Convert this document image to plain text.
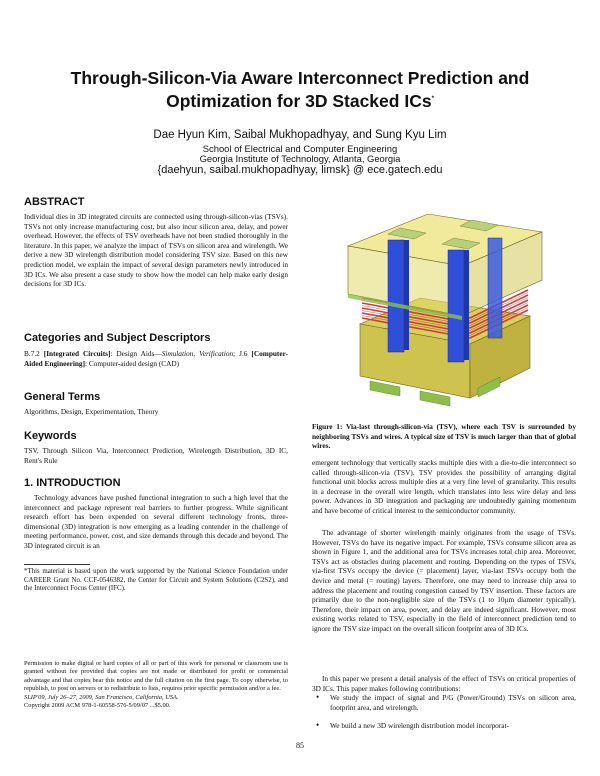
Through-Silicon-Via Aware Interconnect Prediction and
Optimization for 3D Stacked ICs*
Dae Hyun Kim, Saibal Mukhopadhyay, and Sung Kyu Lim
School of Electrical and Computer Engineering
Georgia Institute of Technology, Atlanta, Georgia
{daehyun, saibal.mukhopadhyay, limsk} @ ece.gatech.edu
ABSTRACT
Individual dies in 3D integrated circuits are connected using through-silicon-vias (TSVs). TSVs not only increase manufacturing cost, but also incur silicon area, delay, and power overhead. However, the effects of TSV overheads have not been studied thoroughly in the literature. In this paper, we analyze the impact of TSVs on silicon area and wirelength. We derive a new 3D wirelength distribution model considering TSV size. Based on this new prediction model, we explain the impact of several design parameters newly introduced in 3D ICs. We also present a case study to show how the model can help make early design decisions for 3D ICs.
Categories and Subject Descriptors
B.7.2 [Integrated Circuits]: Design Aids—Simulation, Verification; J.6 [Computer-Aided Engineering]: Computer-aided design (CAD)
General Terms
Algorithms, Design, Experimentation, Theory
Keywords
TSV, Through Silicon Via, Interconnect Prediction, Wirelength Distribution, 3D IC, Rent's Rule
1. INTRODUCTION
Technology advances have pushed functional integration to such a high level that the interconnect and package represent real barriers to further progress. While significant research effort has been expended on several different technology fronts, three-dimensional (3D) integration is now emerging as a leading contender in the challenge of meeting performance, power, cost, and size demands through this decade and beyond. The 3D integrated circuit is an
*This material is based upon the work supported by the National Science Foundation under CAREER Grant No. CCF-0546382, the Center for Circuit and System Solutions (C2S2), and the Interconnect Focus Center (IFC).
Permission to make digital or hard copies of all or part of this work for personal or classroom use is granted without fee provided that copies are not made or distributed for profit or commercial advantage and that copies bear this notice and the full citation on the first page. To copy otherwise, to republish, to post on servers or to redistribute to lists, requires prior specific permission and/or a fee.
SLIP'09, July 26–27, 2009, San Francisco, California, USA.
Copyright 2009 ACM 978-1-60558-576-5/09/07 ...$5.00.
Figure 1: Via-last through-silicon-via (TSV), where each TSV is surrounded by neighboring TSVs and wires. A typical size of TSV is much larger than that of global wires.
emergent technology that vertically stacks multiple dies with a die-to-die interconnect so called through-silicon-via (TSV). TSV provides the possibility of arranging digital functional unit blocks across multiple dies at a very fine level of granularity. This results in a decrease in the overall wire length, which translates into less wire delay and less power. Advances in 3D integration and packaging are undoubtedly gaining momentum and have become of critical interest to the semiconductor community.
The advantage of shorter wirelength mainly originates from the usage of TSVs. However, TSVs do have its negative impact. For example, TSVs consume silicon area as shown in Figure 1, and the additional area for TSVs increases total chip area. Moreover, TSVs act as obstacles during placement and routing. Depending on the types of TSVs, via-first TSVs occupy the device (= placement) layer, via-last TSVs occupy both the device and metal (= routing) layers. Therefore, one may need to increase chip area to address the placement and routing congestion caused by TSV insertion. These factors are primarily due to the non-negligible size of the TSVs (1 to 10μm diameter typically). Therefore, their impact on area, power, and delay are indeed significant. However, most existing works related to TSV, especially in the field of interconnect prediction tend to ignore the TSV size impact on the overall silicon footprint area of 3D ICs.
In this paper we present a detail analysis of the effect of TSVs on critical properties of 3D ICs. This paper makes following contributions:
• We study the impact of signal and P/G (Power/Ground) TSVs on silicon area, footprint area, and wirelength.
• We build a new 3D wirelength distribution model incorporat-
85
